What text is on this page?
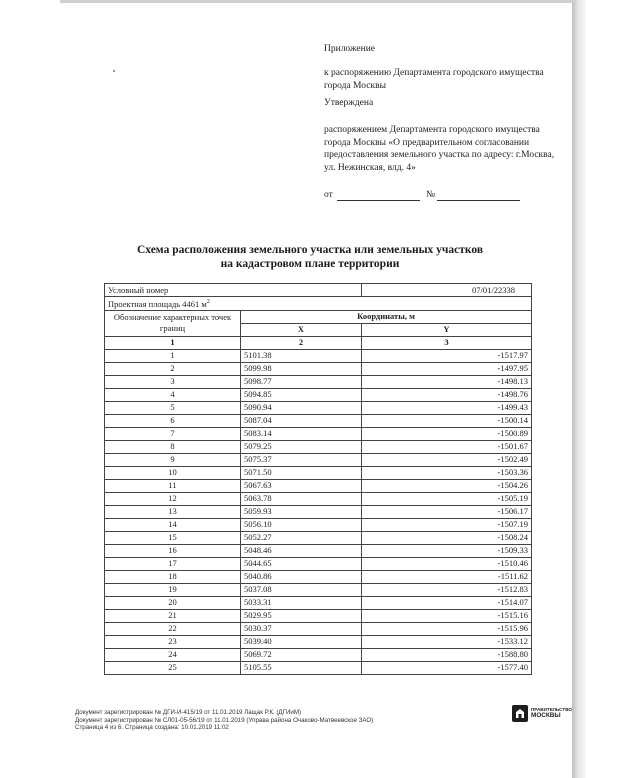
Приложение
к распоряжению Департамента городского имущества города Москвы
Утверждена
распоряжением Департамента городского имущества города Москвы «О предварительном согласовании предоставления земельного участка по адресу: г.Москва, ул. Нежинская, влд. 4»
от	№
Схема расположения земельного участка или земельных участков
на кадастровом плане территории
Условный номер		07/01/22338
Проектная площадь 4461 $м^2$
Обозначение характерных точек границ	Координаты, м	
	X	Y
1	2	3
1	5101.38	-1517.97
2	5099.98	-1497.95
3	5098.77	-1498.13
4	5094.85	-1498.76
5	5090.94	-1499.43
6	5087.04	-1500.14
7	5083.14	-1500.89
8	5079.25	-1501.67
9	5075.37	-1502.49
10	5071.50	-1503.36
11	5067.63	-1504.26
12	5063.78	-1505.19
13	5059.93	-1506.17
14	5056.10	-1507.19
15	5052.27	-1508.24
16	5048.46	-1509.33
17	5044.65	-1510.46
18	5040.86	-1511.62
19	5037.08	-1512.83
20	5033.31	-1514.07
21	5029.95	-1515.16
22	5030.37	-1515.96
23	5039.40	-1533.12
24	5069.72	-1588.80
25	5105.55	-1577.40
Документ зарегистрирован № ДГИ-И-415/19 от 11.01.2019 Лащак Р.К. (ДГИиМ)
Документ зарегистрирован № СЛ01-05-56/19 от 11.01.2019 (Управа района Очаково-Матвеевское ЗАО)
Страница 4 из 6. Страница создана: 10.01.2019 11:02
ПРАВИТЕЛЬСТВО
МОСКВЫ
